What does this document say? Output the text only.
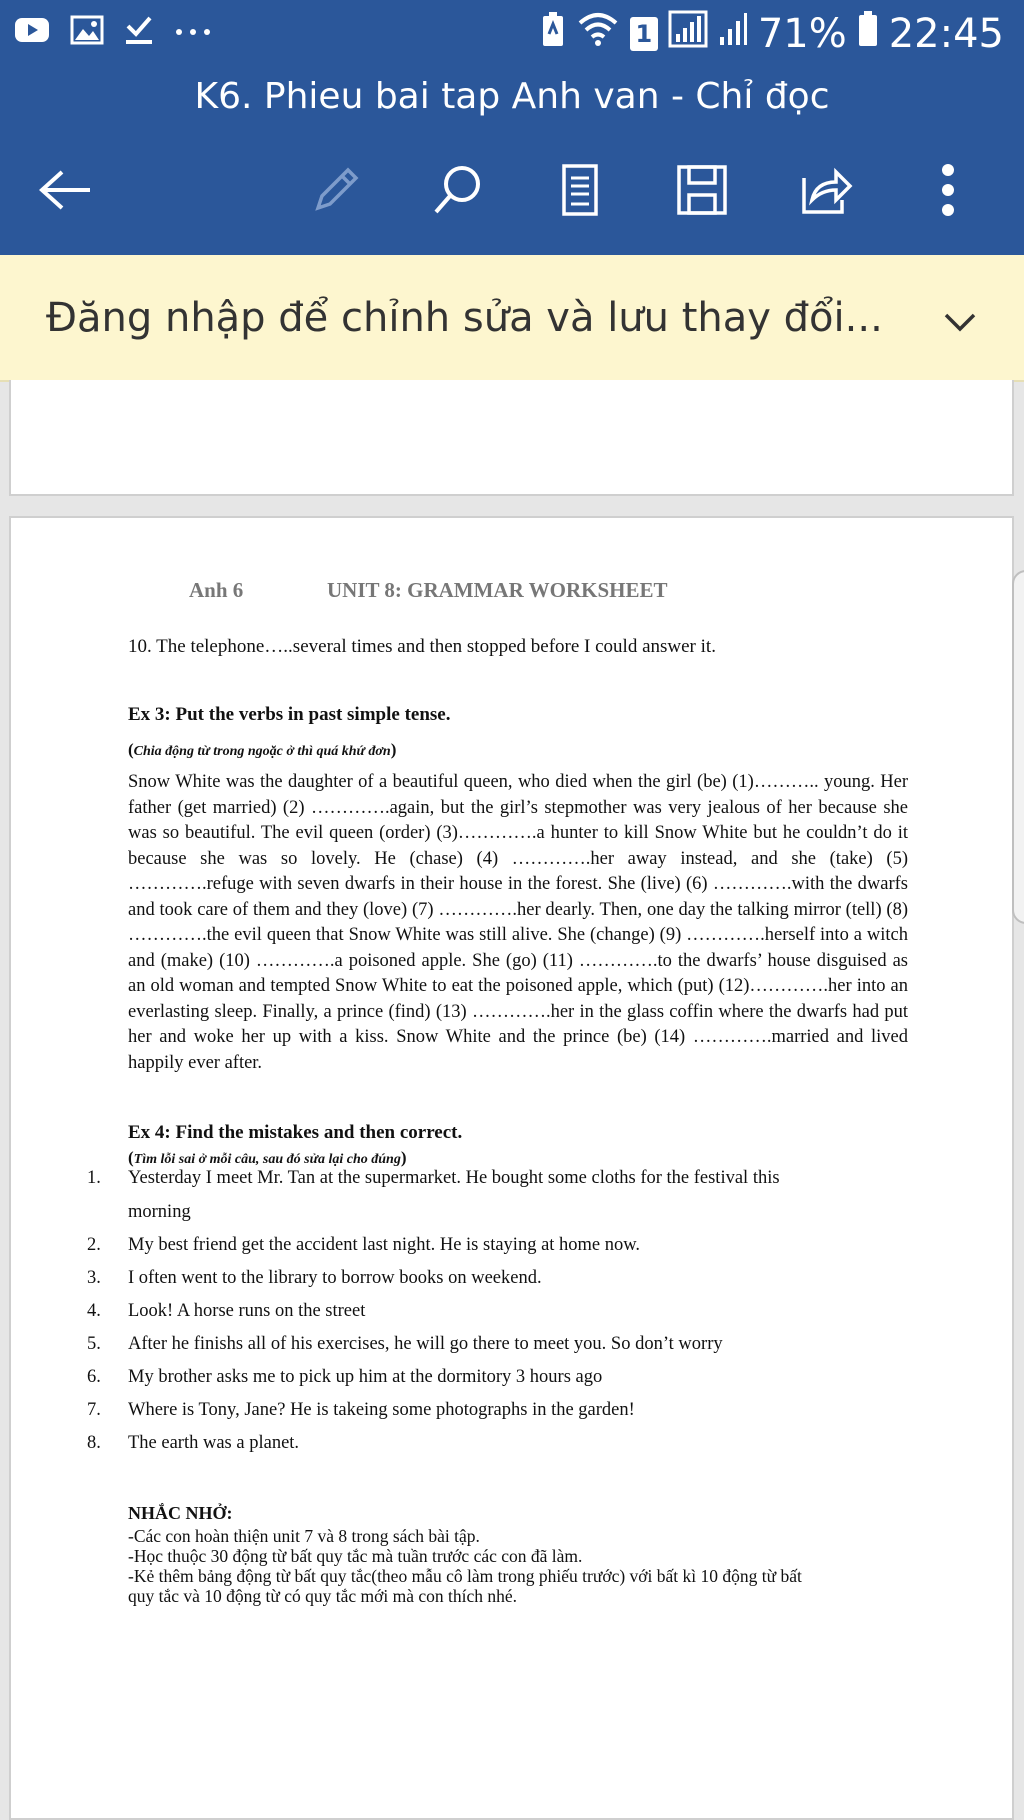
1	71% 22:45
K6. Phieu bai tap Anh van - Chỉ đọc
Đăng nhập để chỉnh sửa và lưu thay đổi...
Anh 6	UNIT 8: GRAMMAR WORKSHEET
10. The telephone…..several times and then stopped before I could answer it.
Ex 3: Put the verbs in past simple tense.
(Chia động từ trong ngoặc ở thì quá khứ đơn)
Snow White was the daughter of a beautiful queen, who died when the girl (be) (1)……….. young. Her father (get married) (2) ………….again, but the girl’s stepmother was very jealous of her because she was so beautiful. The evil queen (order) (3)………….a hunter to kill Snow White but he couldn’t do it because she was so lovely. He (chase) (4) ………….her away instead, and she (take) (5) ………….refuge with seven dwarfs in their house in the forest. She (live) (6) ………….with the dwarfs and took care of them and they (love) (7) ………….her dearly. Then, one day the talking mirror (tell) (8) ………….the evil queen that Snow White was still alive. She (change) (9) ………….herself into a witch and (make) (10) ………….a poisoned apple. She (go) (11) ………….to the dwarfs’ house disguised as an old woman and tempted Snow White to eat the poisoned apple, which (put) (12)………….her into an everlasting sleep. Finally, a prince (find) (13) ………….her in the glass coffin where the dwarfs had put her and woke her up with a kiss. Snow White and the prince (be) (14) ………….married and lived happily ever after.
Ex 4: Find the mistakes and then correct.
(Tìm lỗi sai ở mỗi câu, sau đó sửa lại cho đúng)
1.	Yesterday I meet Mr. Tan at the supermarket. He bought some cloths for the festival this
morning
2.	My best friend get the accident last night. He is staying at home now.
3.	I often went to the library to borrow books on weekend.
4.	Look! A horse runs on the street
5.	After he finishs all of his exercises, he will go there to meet you. So don’t worry
6.	My brother asks me to pick up him at the dormitory 3 hours ago
7.	Where is Tony, Jane? He is takeing some photographs in the garden!
8.	The earth was a planet.
NHẮC NHỞ:
-Các con hoàn thiện unit 7 và 8 trong sách bài tập.
-Học thuộc 30 động từ bất quy tắc mà tuần trước các con đã làm.
-Kẻ thêm bảng động từ bất quy tắc(theo mẫu cô làm trong phiếu trước) với bất kì 10 động từ bất
quy tắc và 10 động từ có quy tắc mới mà con thích nhé.
